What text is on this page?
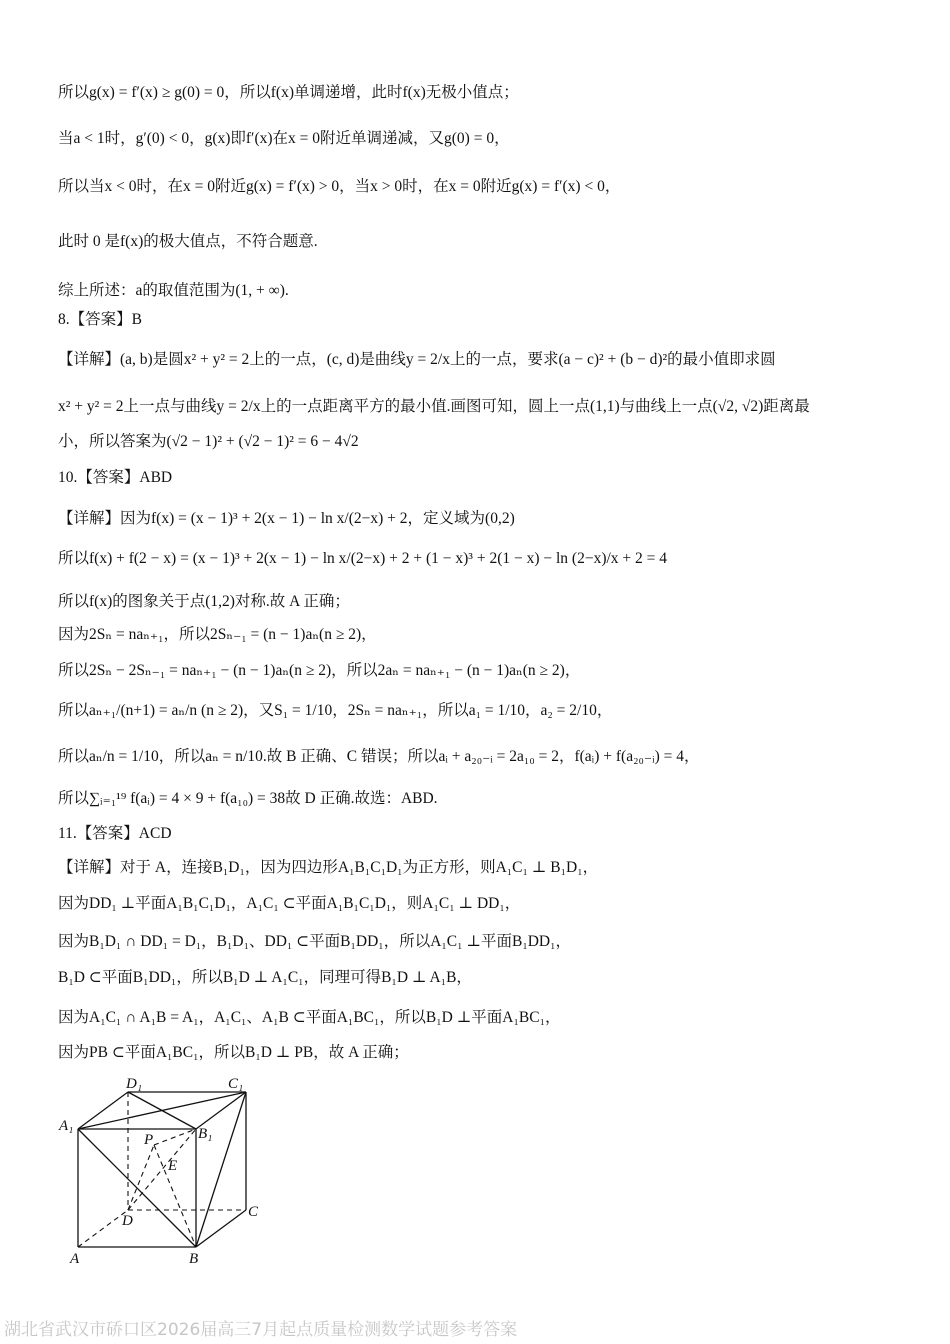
所以g(x) = f′(x) ≥ g(0) = 0，所以f(x)单调递增，此时f(x)无极小值点；
当a < 1时，g′(0) < 0，g(x)即f′(x)在x = 0附近单调递减，又g(0) = 0，
所以当x < 0时，在x = 0附近g(x) = f′(x) > 0，当x > 0时，在x = 0附近g(x) = f′(x) < 0，
此时 0 是f(x)的极大值点，不符合题意.
综上所述：a的取值范围为(1, + ∞).
8.【答案】B
【详解】(a, b)是圆x² + y² = 2上的一点，(c, d)是曲线y = 2/x上的一点，要求(a − c)² + (b − d)²的最小值即求圆
x² + y² = 2上一点与曲线y = 2/x上的一点距离平方的最小值.画图可知，圆上一点(1,1)与曲线上一点(√2, √2)距离最
小，所以答案为(√2 − 1)² + (√2 − 1)² = 6 − 4√2
10.【答案】ABD
【详解】因为f(x) = (x − 1)³ + 2(x − 1) − ln x/(2−x) + 2，定义域为(0,2)
所以f(x) + f(2 − x) = (x − 1)³ + 2(x − 1) − ln x/(2−x) + 2 + (1 − x)³ + 2(1 − x) − ln (2−x)/x + 2 = 4
所以f(x)的图象关于点(1,2)对称.故 A 正确；
因为2Sₙ = naₙ₊₁，所以2Sₙ₋₁ = (n − 1)aₙ(n ≥ 2)，
所以2Sₙ − 2Sₙ₋₁ = naₙ₊₁ − (n − 1)aₙ(n ≥ 2)，所以2aₙ = naₙ₊₁ − (n − 1)aₙ(n ≥ 2)，
所以aₙ₊₁/(n+1) = aₙ/n (n ≥ 2)，又S₁ = 1/10，2Sₙ = naₙ₊₁，所以a₁ = 1/10，a₂ = 2/10，
所以aₙ/n = 1/10，所以aₙ = n/10.故 B 正确、C 错误；所以aᵢ + a₂₀₋ᵢ = 2a₁₀ = 2，f(aᵢ) + f(a₂₀₋ᵢ) = 4，
所以∑ᵢ₌₁¹⁹ f(aᵢ) = 4 × 9 + f(a₁₀) = 38故 D 正确.故选：ABD.
11.【答案】ACD
【详解】对于 A，连接B₁D₁，因为四边形A₁B₁C₁D₁为正方形，则A₁C₁ ⊥ B₁D₁，
因为DD₁ ⊥平面A₁B₁C₁D₁，A₁C₁ ⊂平面A₁B₁C₁D₁，则A₁C₁ ⊥ DD₁，
因为B₁D₁ ∩ DD₁ = D₁，B₁D₁、DD₁ ⊂平面B₁DD₁，所以A₁C₁ ⊥平面B₁DD₁，
B₁D ⊂平面B₁DD₁，所以B₁D ⊥ A₁C₁，同理可得B₁D ⊥ A₁B，
因为A₁C₁ ∩ A₁B = A₁，A₁C₁、A₁B ⊂平面A₁BC₁，所以B₁D ⊥平面A₁BC₁，
因为PB ⊂平面A₁BC₁，所以B₁D ⊥ PB，故 A 正确；
D₁	C₁
A₁	B₁
P
E
D
C
A	B
湖北省武汉市硚口区2026届高三7月起点质量检测数学试题参考答案
